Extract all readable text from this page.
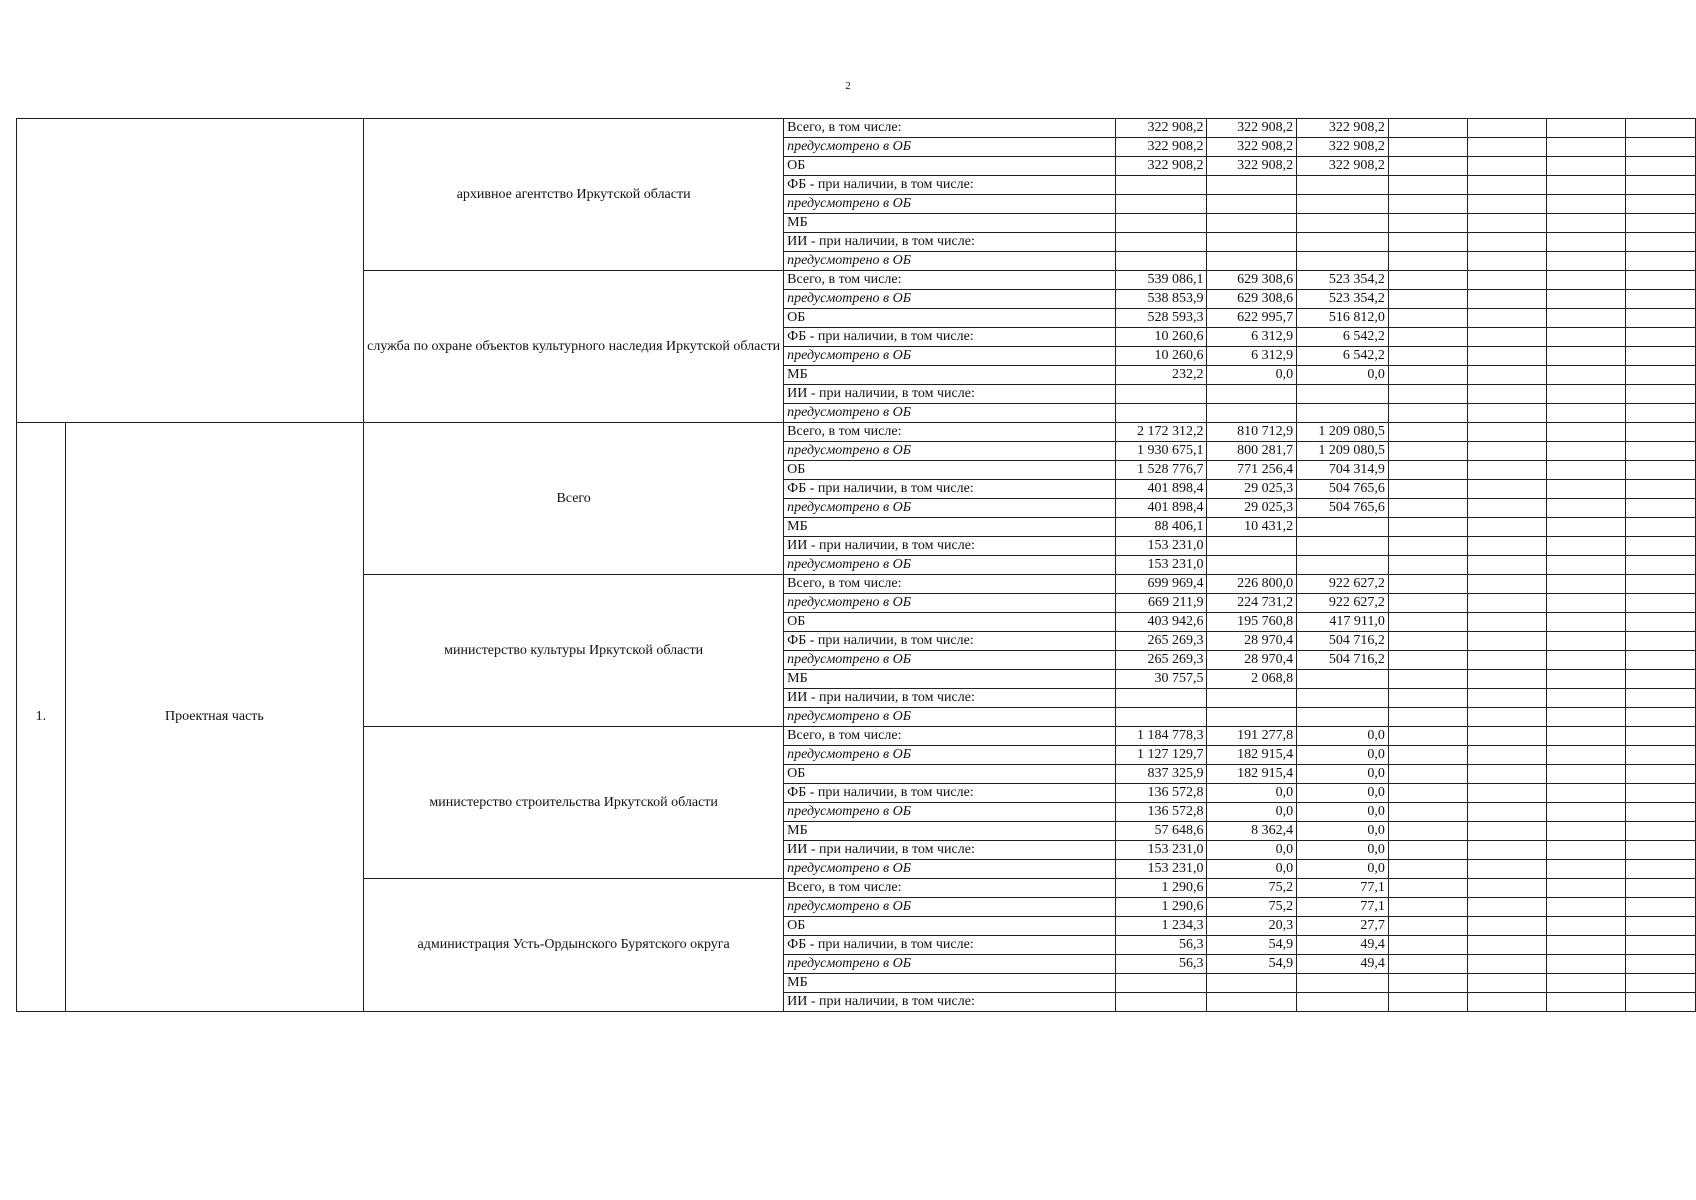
2
		архивное агентство Иркутской области	Всего, в том числе:	322 908,2	322 908,2	322 908,2				
			предусмотрено в ОБ	322 908,2	322 908,2	322 908,2				
			ОБ	322 908,2	322 908,2	322 908,2				
			ФБ - при наличии, в том числе:							
			предусмотрено в ОБ							
			МБ							
			ИИ - при наличии, в том числе:							
			предусмотрено в ОБ							
		служба по охране объектов культурного наследия Иркутской области	Всего, в том числе:	539 086,1	629 308,6	523 354,2				
			предусмотрено в ОБ	538 853,9	629 308,6	523 354,2				
			ОБ	528 593,3	622 995,7	516 812,0				
			ФБ - при наличии, в том числе:	10 260,6	6 312,9	6 542,2				
			предусмотрено в ОБ	10 260,6	6 312,9	6 542,2				
			МБ	232,2	0,0	0,0				
			ИИ - при наличии, в том числе:							
			предусмотрено в ОБ							
1.	Проектная часть	Всего	Всего, в том числе:	2 172 312,2	810 712,9	1 209 080,5				
			предусмотрено в ОБ	1 930 675,1	800 281,7	1 209 080,5				
			ОБ	1 528 776,7	771 256,4	704 314,9				
			ФБ - при наличии, в том числе:	401 898,4	29 025,3	504 765,6				
			предусмотрено в ОБ	401 898,4	29 025,3	504 765,6				
			МБ	88 406,1	10 431,2					
			ИИ - при наличии, в том числе:	153 231,0						
			предусмотрено в ОБ	153 231,0						
		министерство культуры Иркутской области	Всего, в том числе:	699 969,4	226 800,0	922 627,2				
			предусмотрено в ОБ	669 211,9	224 731,2	922 627,2				
			ОБ	403 942,6	195 760,8	417 911,0				
			ФБ - при наличии, в том числе:	265 269,3	28 970,4	504 716,2				
			предусмотрено в ОБ	265 269,3	28 970,4	504 716,2				
			МБ	30 757,5	2 068,8					
			ИИ - при наличии, в том числе:							
			предусмотрено в ОБ							
		министерство строительства Иркутской области	Всего, в том числе:	1 184 778,3	191 277,8	0,0				
			предусмотрено в ОБ	1 127 129,7	182 915,4	0,0				
			ОБ	837 325,9	182 915,4	0,0				
			ФБ - при наличии, в том числе:	136 572,8	0,0	0,0				
			предусмотрено в ОБ	136 572,8	0,0	0,0				
			МБ	57 648,6	8 362,4	0,0				
			ИИ - при наличии, в том числе:	153 231,0	0,0	0,0				
			предусмотрено в ОБ	153 231,0	0,0	0,0				
		администрация Усть-Ордынского Бурятского округа	Всего, в том числе:	1 290,6	75,2	77,1				
			предусмотрено в ОБ	1 290,6	75,2	77,1				
			ОБ	1 234,3	20,3	27,7				
			ФБ - при наличии, в том числе:	56,3	54,9	49,4				
			предусмотрено в ОБ	56,3	54,9	49,4				
			МБ							
			ИИ - при наличии, в том числе:							
